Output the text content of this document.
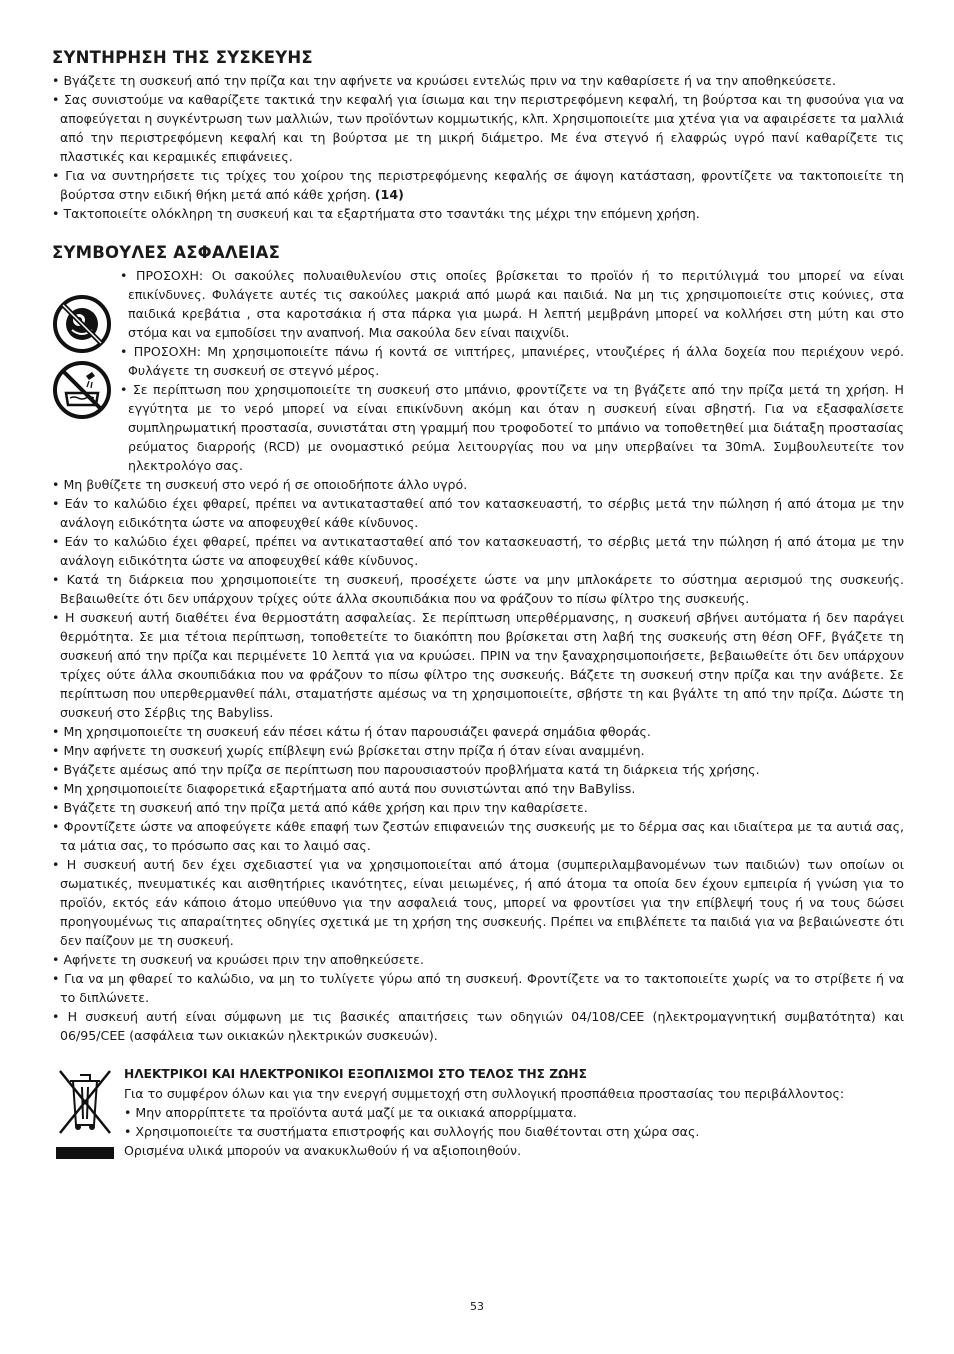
ΣΥΝΤΗΡΗΣΗ ΤΗΣ ΣΥΣΚΕΥΗΣ
• Βγάζετε τη συσκευή από την πρίζα και την αφήνετε να κρυώσει εντελώς πριν να την καθαρίσετε ή να την αποθηκεύσετε.
• Σας συνιστούμε να καθαρίζετε τακτικά την κεφαλή για ίσιωμα και την περιστρεφόμενη κεφαλή, τη βούρτσα και τη φυσούνα για να αποφεύγεται η συγκέντρωση των μαλλιών, των προϊόντων κομμωτικής, κλπ. Χρησιμοποιείτε μια χτένα για να αφαιρέσετε τα μαλλιά από την περιστρεφόμενη κεφαλή και τη βούρτσα με τη μικρή διάμετρο. Με ένα στεγνό ή ελαφρώς υγρό πανί καθαρίζετε τις πλαστικές και κεραμικές επιφάνειες.
• Για να συντηρήσετε τις τρίχες του χοίρου της περιστρεφόμενης κεφαλής σε άψογη κατάσταση, φροντίζετε να τακτοποιείτε τη βούρτσα στην ειδική θήκη μετά από κάθε χρήση. (14)
• Τακτοποιείτε ολόκληρη τη συσκευή και τα εξαρτήματα στο τσαντάκι της μέχρι την επόμενη χρήση.
ΣΥΜΒΟΥΛΕΣ ΑΣΦΑΛΕΙΑΣ
• ΠΡΟΣΟΧΗ: Οι σακούλες πολυαιθυλενίου στις οποίες βρίσκεται το προϊόν ή το περιτύλιγμά του μπορεί να είναι επικίνδυνες. Φυλάγετε αυτές τις σακούλες μακριά από μωρά και παιδιά. Να μη τις χρησιμοποιείτε στις κούνιες, στα παιδικά κρεβάτια , στα καροτσάκια ή στα πάρκα για μωρά. Η λεπτή μεμβράνη μπορεί να κολλήσει στη μύτη και στο στόμα και να εμποδίσει την αναπνοή. Μια σακούλα δεν είναι παιχνίδι.
• ΠΡΟΣΟΧΗ: Μη χρησιμοποιείτε πάνω ή κοντά σε νιπτήρες, μπανιέρες, ντουζιέρες ή άλλα δοχεία που περιέχουν νερό. Φυλάγετε τη συσκευή σε στεγνό μέρος.
• Σε περίπτωση που χρησιμοποιείτε τη συσκευή στο μπάνιο, φροντίζετε να τη βγάζετε από την πρίζα μετά τη χρήση. Η εγγύτητα με το νερό μπορεί να είναι επικίνδυνη ακόμη και όταν η συσκευή είναι σβηστή. Για να εξασφαλίσετε συμπληρωματική προστασία, συνιστάται στη γραμμή που τροφοδοτεί το μπάνιο να τοποθετηθεί μια διάταξη προστασίας ρεύματος διαρροής (RCD) με ονομαστικό ρεύμα λειτουργίας που να μην υπερβαίνει τα 30mA. Συμβουλευτείτε τον ηλεκτρολόγο σας.
• Μη βυθίζετε τη συσκευή στο νερό ή σε οποιοδήποτε άλλο υγρό.
• Εάν το καλώδιο έχει φθαρεί, πρέπει να αντικατασταθεί από τον κατασκευαστή, το σέρβις μετά την πώληση ή από άτομα με την ανάλογη ειδικότητα ώστε να αποφευχθεί κάθε κίνδυνος.
• Εάν το καλώδιο έχει φθαρεί, πρέπει να αντικατασταθεί από τον κατασκευαστή, το σέρβις μετά την πώληση ή από άτομα με την ανάλογη ειδικότητα ώστε να αποφευχθεί κάθε κίνδυνος.
• Κατά τη διάρκεια που χρησιμοποιείτε τη συσκευή, προσέχετε ώστε να μην μπλοκάρετε το σύστημα αερισμού της συσκευής. Βεβαιωθείτε ότι δεν υπάρχουν τρίχες ούτε άλλα σκουπιδάκια που να φράζουν το πίσω φίλτρο της συσκευής.
• Η συσκευή αυτή διαθέτει ένα θερμοστάτη ασφαλείας. Σε περίπτωση υπερθέρμανσης, η συσκευή σβήνει αυτόματα ή δεν παράγει θερμότητα. Σε μια τέτοια περίπτωση, τοποθετείτε το διακόπτη που βρίσκεται στη λαβή της συσκευής στη θέση OFF, βγάζετε τη συσκευή από την πρίζα και περιμένετε 10 λεπτά για να κρυώσει. ΠΡΙΝ να την ξαναχρησιμοποιήσετε, βεβαιωθείτε ότι δεν υπάρχουν τρίχες ούτε άλλα σκουπιδάκια που να φράζουν το πίσω φίλτρο της συσκευής. Βάζετε τη συσκευή στην πρίζα και την ανάβετε. Σε περίπτωση που υπερθερμανθεί πάλι, σταματήστε αμέσως να τη χρησιμοποιείτε, σβήστε τη και βγάλτε τη από την πρίζα. Δώστε τη συσκευή στο Σέρβις της Babyliss.
• Μη χρησιμοποιείτε τη συσκευή εάν πέσει κάτω ή όταν παρουσιάζει φανερά σημάδια φθοράς.
• Μην αφήνετε τη συσκευή χωρίς επίβλεψη ενώ βρίσκεται στην πρίζα ή όταν είναι αναμμένη.
• Βγάζετε αμέσως από την πρίζα σε περίπτωση που παρουσιαστούν προβλήματα κατά τη διάρκεια τής χρήσης.
• Μη χρησιμοποιείτε διαφορετικά εξαρτήματα από αυτά που συνιστώνται από την BaByliss.
• Βγάζετε τη συσκευή από την πρίζα μετά από κάθε χρήση και πριν την καθαρίσετε.
• Φροντίζετε ώστε να αποφεύγετε κάθε επαφή των ζεστών επιφανειών της συσκευής με το δέρμα σας και ιδιαίτερα με τα αυτιά σας, τα μάτια σας, το πρόσωπο σας και το λαιμό σας.
• Η συσκευή αυτή δεν έχει σχεδιαστεί για να χρησιμοποιείται από άτομα (συμπεριλαμβανομένων των παιδιών) των οποίων οι σωματικές, πνευματικές και αισθητήριες ικανότητες, είναι μειωμένες, ή από άτομα τα οποία δεν έχουν εμπειρία ή γνώση για το προϊόν, εκτός εάν κάποιο άτομο υπεύθυνο για την ασφαλειά τους, μπορεί να φροντίσει για την επίβλεψή τους ή να τους δώσει προηγουμένως τις απαραίτητες οδηγίες σχετικά με τη χρήση της συσκευής. Πρέπει να επιβλέπετε τα παιδιά για να βεβαιώνεστε ότι δεν παίζουν με τη συσκευή.
• Αφήνετε τη συσκευή να κρυώσει πριν την αποθηκεύσετε.
• Για να μη φθαρεί το καλώδιο, να μη το τυλίγετε γύρω από τη συσκευή. Φροντίζετε να το τακτοποιείτε χωρίς να το στρίβετε ή να το διπλώνετε.
• Η συσκευή αυτή είναι σύμφωνη με τις βασικές απαιτήσεις των οδηγιών 04/108/CEE (ηλεκτρομαγνητική συμβατότητα) και 06/95/CEE (ασφάλεια των οικιακών ηλεκτρικών συσκευών).
ΗΛΕΚΤΡΙΚΟΙ ΚΑΙ ΗΛΕΚΤΡΟΝΙΚΟΙ ΕΞΟΠΛΙΣΜΟΙ ΣΤΟ ΤΕΛΟΣ ΤΗΣ ΖΩΗΣ

Για το συμφέρον όλων και για την ενεργή συμμετοχή στη συλλογική προσπάθεια προστασίας του περιβάλλοντος:

• Μην απορρίπτετε τα προϊόντα αυτά μαζί με τα οικιακά απορρίμματα.

• Χρησιμοποιείτε τα συστήματα επιστροφής και συλλογής που διαθέτονται στη χώρα σας.

Ορισμένα υλικά μπορούν να ανακυκλωθούν ή να αξιοποιηθούν.

53
